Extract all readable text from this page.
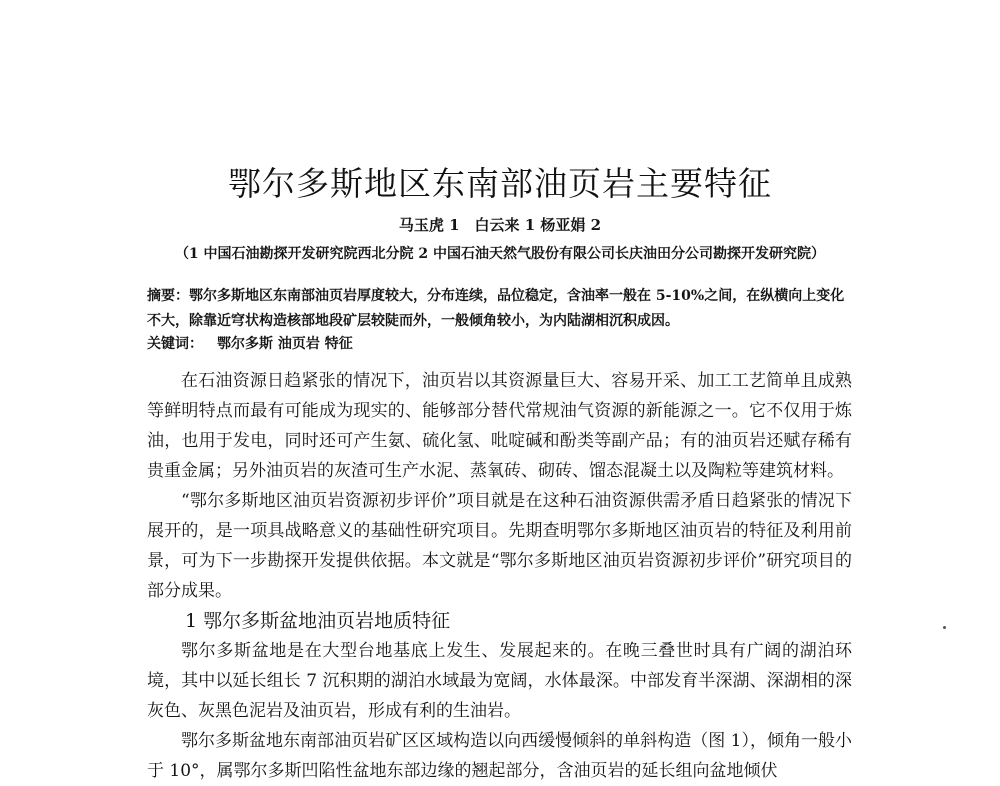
鄂尔多斯地区东南部油页岩主要特征
马玉虎 1　白云来 1 杨亚娟 2
（1 中国石油勘探开发研究院西北分院 2 中国石油天然气股份有限公司长庆油田分公司勘探开发研究院）
摘要：鄂尔多斯地区东南部油页岩厚度较大，分布连续，品位稳定，含油率一般在 5-10%之间，在纵横向上变化不大，除靠近穹状构造核部地段矿层较陡而外，一般倾角较小，为内陆湖相沉积成因。
关键词： 鄂尔多斯 油页岩 特征

在石油资源日趋紧张的情况下，油页岩以其资源量巨大、容易开采、加工工艺简单且成熟等鲜明特点而最有可能成为现实的、能够部分替代常规油气资源的新能源之一。它不仅用于炼油，也用于发电，同时还可产生氨、硫化氢、吡啶碱和酚类等副产品；有的油页岩还赋存稀有贵重金属；另外油页岩的灰渣可生产水泥、蒸氧砖、砌砖、馏态混凝土以及陶粒等建筑材料。

“鄂尔多斯地区油页岩资源初步评价”项目就是在这种石油资源供需矛盾日趋紧张的情况下展开的，是一项具战略意义的基础性研究项目。先期查明鄂尔多斯地区油页岩的特征及利用前景，可为下一步勘探开发提供依据。本文就是“鄂尔多斯地区油页岩资源初步评价”研究项目的部分成果。

1 鄂尔多斯盆地油页岩地质特征

鄂尔多斯盆地是在大型台地基底上发生、发展起来的。在晚三叠世时具有广阔的湖泊环境，其中以延长组长 7 沉积期的湖泊水域最为宽阔，水体最深。中部发育半深湖、深湖相的深灰色、灰黑色泥岩及油页岩，形成有利的生油岩。

鄂尔多斯盆地东南部油页岩矿区区域构造以向西缓慢倾斜的单斜构造（图 1），倾角一般小于 10°，属鄂尔多斯凹陷性盆地东部边缘的翘起部分，含油页岩的延长组向盆地倾伏
